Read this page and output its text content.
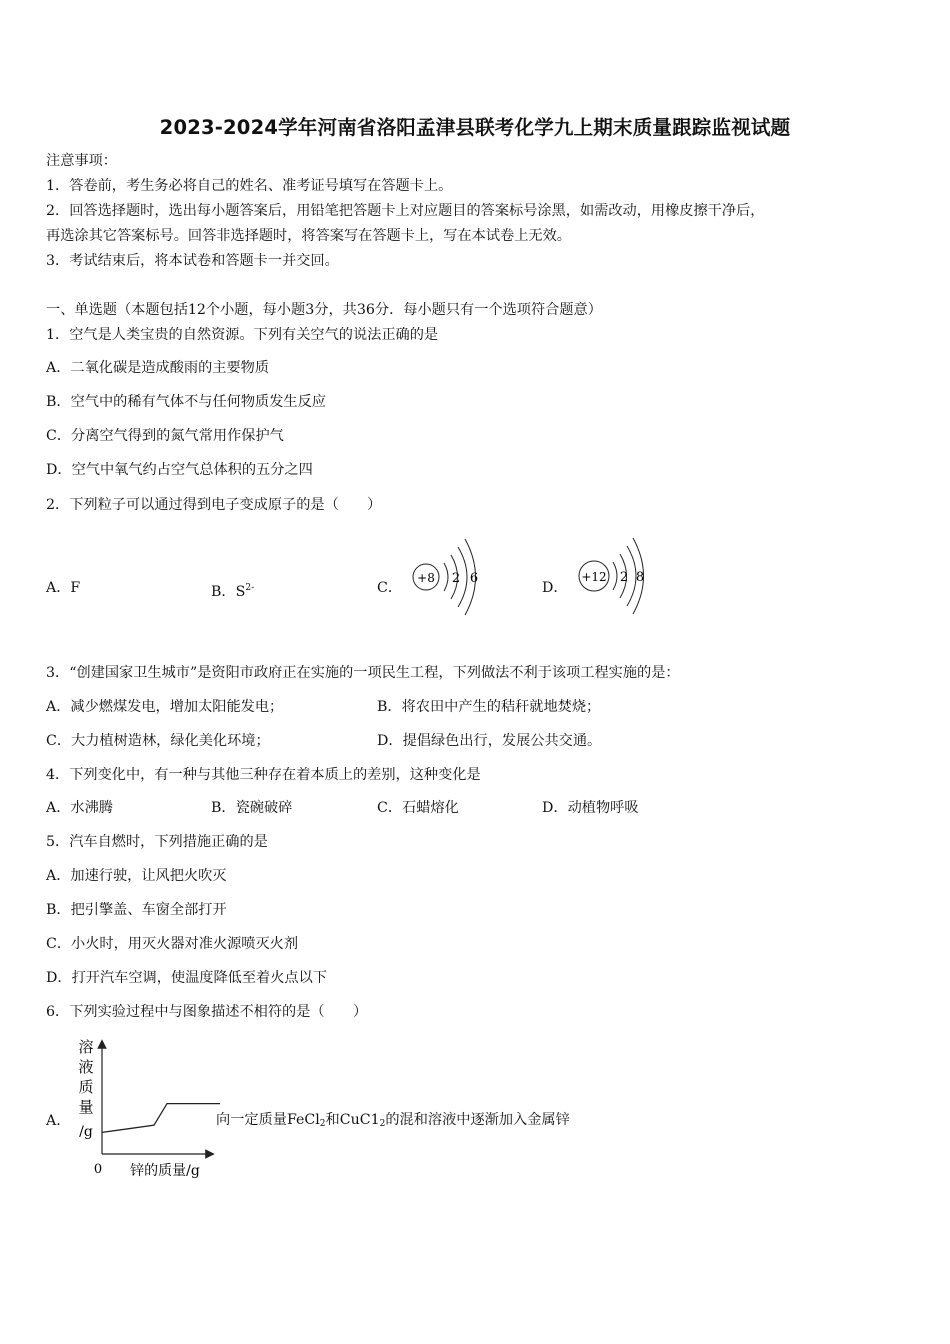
2023-2024学年河南省洛阳孟津县联考化学九上期末质量跟踪监视试题
注意事项：
1．答卷前，考生务必将自己的姓名、准考证号填写在答题卡上。
2．回答选择题时，选出每小题答案后，用铅笔把答题卡上对应题目的答案标号涂黑，如需改动，用橡皮擦干净后，
再选涂其它答案标号。回答非选择题时，将答案写在答题卡上，写在本试卷上无效。
3．考试结束后，将本试卷和答题卡一并交回。
一、单选题（本题包括12个小题，每小题3分，共36分．每小题只有一个选项符合题意）
1．空气是人类宝贵的自然资源。下列有关空气的说法正确的是
A．二氧化碳是造成酸雨的主要物质
B．空气中的稀有气体不与任何物质发生反应
C．分离空气得到的氮气常用作保护气
D．空气中氧气约占空气总体积的五分之四
2．下列粒子可以通过得到电子变成原子的是（　　）
A．F	B．$S^{2-}$	C．	D．
+8 2 6	+12 2 8
3．“创建国家卫生城市”是资阳市政府正在实施的一项民生工程，下列做法不利于该项工程实施的是：
A．减少燃煤发电，增加太阳能发电；	B．将农田中产生的秸秆就地焚烧；
C．大力植树造林，绿化美化环境；	D．提倡绿色出行，发展公共交通。
4．下列变化中，有一种与其他三种存在着本质上的差别，这种变化是
A．水沸腾	B．瓷碗破碎	C．石蜡熔化	D．动植物呼吸
5．汽车自燃时，下列措施正确的是
A．加速行驶，让风把火吹灭
B．把引擎盖、车窗全部打开
C．小火时，用灭火器对准火源喷灭火剂
D．打开汽车空调，使温度降低至着火点以下
6．下列实验过程中与图象描述不相符的是（　　）
A．	向一定质量FeCl$_2$和$CuC1_2$的混和溶液中逐渐加入金属锌
溶
液
质
量
/g
0 锌的质量/g
